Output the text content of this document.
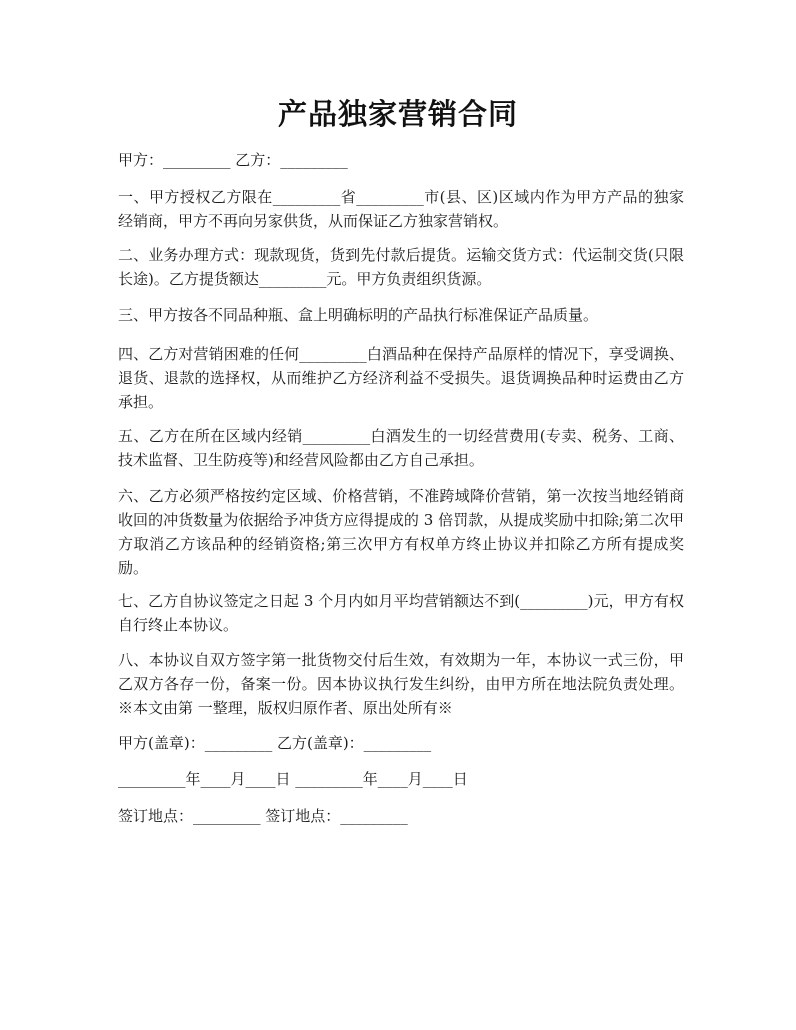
产品独家营销合同

甲方：_________ 乙方：_________

一、甲方授权乙方限在_________省_________市(县、区)区域内作为甲方产品的独家经销商，甲方不再向另家供货，从而保证乙方独家营销权。

二、业务办理方式：现款现货，货到先付款后提货。运输交货方式：代运制交货(只限长途)。乙方提货额达_________元。甲方负责组织货源。

三、甲方按各不同品种瓶、盒上明确标明的产品执行标准保证产品质量。

四、乙方对营销困难的任何_________白酒品种在保持产品原样的情况下，享受调换、退货、退款的选择权，从而维护乙方经济利益不受损失。退货调换品种时运费由乙方承担。

五、乙方在所在区域内经销_________白酒发生的一切经营费用(专卖、税务、工商、技术监督、卫生防疫等)和经营风险都由乙方自己承担。

六、乙方必须严格按约定区域、价格营销，不准跨域降价营销，第一次按当地经销商收回的冲货数量为依据给予冲货方应得提成的 3 倍罚款，从提成奖励中扣除;第二次甲方取消乙方该品种的经销资格;第三次甲方有权单方终止协议并扣除乙方所有提成奖励。

七、乙方自协议签定之日起 3 个月内如月平均营销额达不到(_________)元，甲方有权自行终止本协议。

八、本协议自双方签字第一批货物交付后生效，有效期为一年，本协议一式三份，甲乙双方各存一份，备案一份。因本协议执行发生纠纷，由甲方所在地法院负责处理。※本文由第 一整理，版权归原作者、原出处所有※

甲方(盖章)：_________ 乙方(盖章)：_________

_________年____月____日 _________年____月____日

签订地点：_________ 签订地点：_________
